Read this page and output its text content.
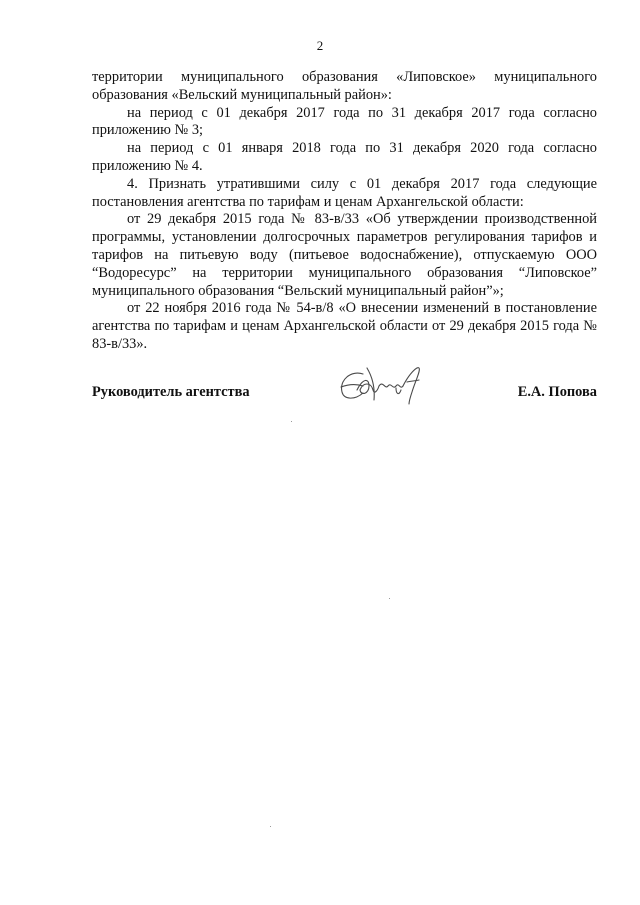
2

территории муниципального образования «Липовское» муниципального образования «Вельский муниципальный район»:

на период с 01 декабря 2017 года по 31 декабря 2017 года согласно приложению № 3;

на период с 01 января 2018 года по 31 декабря 2020 года согласно приложению № 4.

4. Признать утратившими силу с 01 декабря 2017 года следующие постановления агентства по тарифам и ценам Архангельской области:

от 29 декабря 2015 года № 83-в/33 «Об утверждении производственной программы, установлении долгосрочных параметров регулирования тарифов и тарифов на питьевую воду (питьевое водоснабжение), отпускаемую ООО “Водоресурс” на территории муниципального образования “Липовское” муниципального образования “Вельский муниципальный район”»;

от 22 ноября 2016 года № 54-в/8 «О внесении изменений в постановление агентства по тарифам и ценам Архангельской области от 29 декабря 2015 года № 83-в/33».

Руководитель агентства	Е.А. Попова
